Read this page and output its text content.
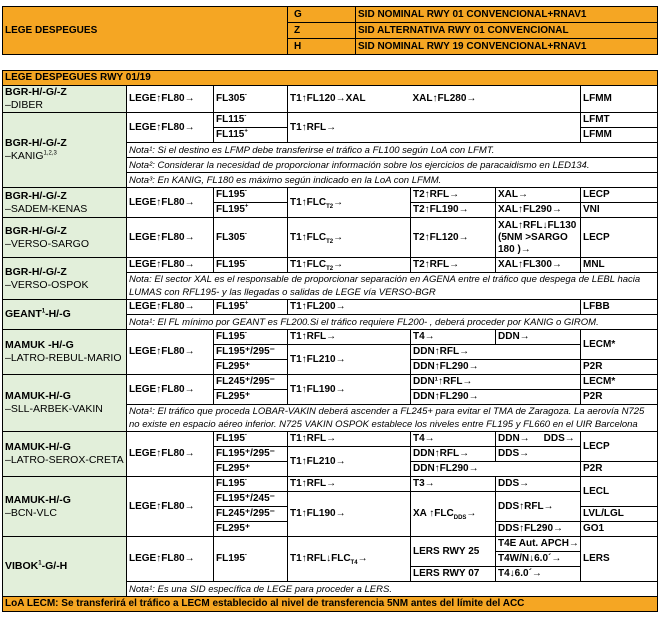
LEGE DESPEGUES	G	SID NOMINAL RWY 01 CONVENCIONAL+RNAV1
	Z	SID ALTERNATIVA RWY 01 CONVENCIONAL
	H	SID NOMINAL RWY 19 CONVENCIONAL+RNAV1
LEGE DESPEGUES RWY 01/19						
BGR-H/-G/-Z
–DIBER	LEGE↑FL80→	FL305-	T1↑FL120→XAL	XAL↑FL280→		LFMM
BGR-H/-G/-Z
–KANIG$^{1,2,3}$	LEGE↑FL80→	FL115-	T1↑RFL→			LFMT
		FL115+				LFMM
	Nota¹: Si el destino es LFMP debe transferirse el tráfico a FL100 según LoA con LFMT.					
	Nota²: Considerar la necesidad de proporcionar información sobre los ejercicios de paracaidismo en LED134.					
	Nota³: En KANIG, FL180 es máximo según indicado en la LoA con LFMM.					
BGR-H/-G/-Z
–SADEM-KENAS	LEGE↑FL80→	FL195-	$T1↑FLC_{T2}\to$	T2↑RFL→	XAL→	LECP
		FL195+		T2↑FL190→	XAL↑FL290→	VNI
BGR-H/-G/-Z
–VERSO-SARGO	LEGE↑FL80→	FL305-	$T1↑FLC_{T2}\to$	T2↑FL120→	XAL↑RFL↓FL130 (5NM >SARGO 180 )→	LECP
BGR-H/-G/-Z
–VERSO-OSPOK	LEGE↑FL80→	FL195-	$T1↑FLC_{T2}\to$	T2↑RFL→	XAL↑FL300→	MNL
	Nota: El sector XAL es el responsable de proporcionar separación en AGENA entre el tráfico que despega de LEBL hacia LUMAS con RFL195- y las llegadas o salidas de LEGE vía VERSO-BGR					
GEANT$^1$-H/-G	LEGE↑FL80→	FL195+	T1↑FL200→			LFBB
	Nota¹: El FL mínimo por GEANT es FL200.Si el tráfico requiere FL200- , deberá proceder por KANIG o GIROM.					
MAMUK -H/-G
–LATRO-REBUL-MARIO	LEGE↑FL80→	FL195-	T1↑RFL→	T4→	DDN→	LECM*
		FL195⁺/295⁻	T1↑FL210→	DDN↑RFL→		
		FL295⁺		DDN↑FL290→		P2R
MAMUK-H/-G
–SLL-ARBEK-VAKIN	LEGE↑FL80→	FL245⁺/295⁻	T1↑FL190→	DDN¹↑RFL→		LECM*
		FL295⁺		DDN↑FL290→		P2R
	Nota¹: El tráfico que proceda LOBAR-VAKIN deberá ascender a FL245+ para evitar el TMA de Zaragoza. La aerovía N725 no existe en espacio aéreo inferior. N725 VAKIN OSPOK establece los niveles entre FL195 y FL660 en el UIR Barcelona					
MAMUK-H/-G
–LATRO-SEROX-CRETA	LEGE↑FL80→	FL195-	T1↑RFL→	T4→	DDN→ DDS→	LECP
		FL195⁺/295⁻	T1↑FL210→	DDN↑RFL→	DDS→	
		FL295⁺		DDN↑FL290→		P2R
MAMUK-H/-G
–BCN-VLC	LEGE↑FL80→	FL195-	T1↑RFL→	T3→	DDS→	LECL
		FL195⁺/245⁻	T1↑FL190→	XA $↑FLC_{DDS}\to$	DDS↑RFL→	
		FL245⁺/295⁻				LVL/LGL
		FL295⁺			DDS↑FL290→	GO1
VIBOK$^1$-G/-H	LEGE↑FL80→	FL195-	$T1↑RFL↓FLC_{T4}\to$	LERS RWY 25	T4E Aut. APCH→	LERS
					T4W/N↓6.0´→	
				LERS RWY 07	T4↓6.0´→	
	Nota¹: Es una SID específica de LEGE para proceder a LERS.					
LoA LECM: Se transferirá el tráfico a LECM establecido al nivel de transferencia 5NM antes del límite del ACC						
